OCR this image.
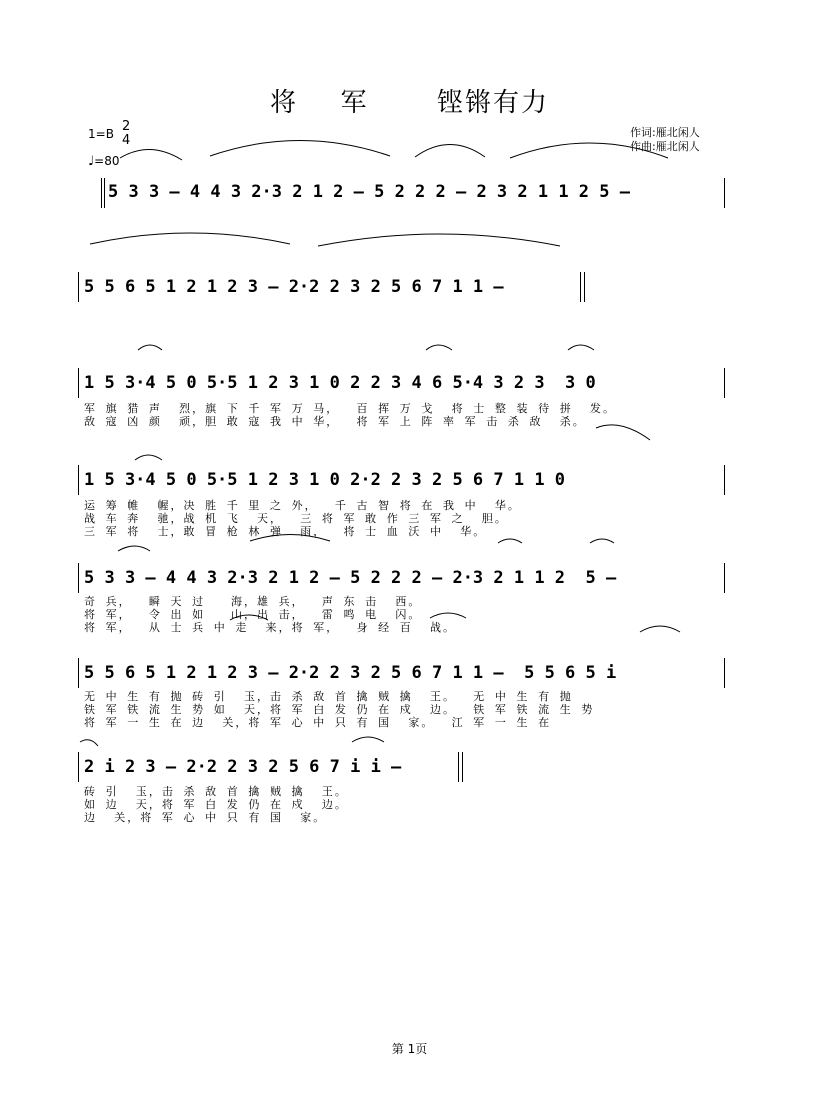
将 军	铿锵有力
1=B 2
4
♩=80
作词:雁北闲人
作曲:雁北闲人
5 3 3 – 4 4 3 2·3 2 1 2 – 5 2 2 2 – 2 3 2 1 1 2 5 –
5 5 6 5 1 2 1 2 3 – 2·2 2 3 2 5 6 7 1 1 –
1 5 3·4 5 0 5·5 1 2 3 1 0 2 2 3 4 6 5·4 3 2 3  3 0
军 旗 猎 声  烈，旗 下 千 军 万 马，  百 挥 万 戈  将 士 整 装 待 拼  发。
敌 寇 凶 颜  顽，胆 敢 寇 我 中 华，  将 军 上 阵 率 军 击 杀 敌  杀。
1 5 3·4 5 0 5·5 1 2 3 1 0 2·2 2 3 2 5 6 7 1 1 0
运 筹 帷  幄，决 胜 千 里 之 外，  千 古 智 将 在 我 中  华。
战 车 奔  驰，战 机 飞  天，  三 将 军 敢 作 三 军 之  胆。
三 军 将  士，敢 冒 枪 林 弹  雨，  将 士 血 沃 中  华。
5 3 3 – 4 4 3 2·3 2 1 2 – 5 2 2 2 – 2·3 2 1 1 2  5 –
奇 兵，  瞬 天 过   海，雄 兵，  声 东 击  西。
将 军，  令 出 如   山，出 击，  雷 鸣 电  闪。
将 军，  从 士 兵 中 走  来，将 军，  身 经 百  战。
5 5 6 5 1 2 1 2 3 – 2·2 2 3 2 5 6 7 1 1 –  5 5 6 5 i
无 中 生 有 抛 砖 引  玉，击 杀 敌 首 擒 贼 擒  王。  无 中 生 有 抛
铁 军 铁 流 生 势 如  天，将 军 白 发 仍 在 戍  边。  铁 军 铁 流 生 势
将 军 一 生 在 边  关，将 军 心 中 只 有 国  家。  江 军 一 生 在
2 i 2 3 – 2·2 2 3 2 5 6 7 i i –
砖 引  玉，击 杀 敌 首 擒 贼 擒  王。
如 边  天，将 军 白 发 仍 在 戍  边。
边  关，将 军 心 中 只 有 国  家。
第 1页
